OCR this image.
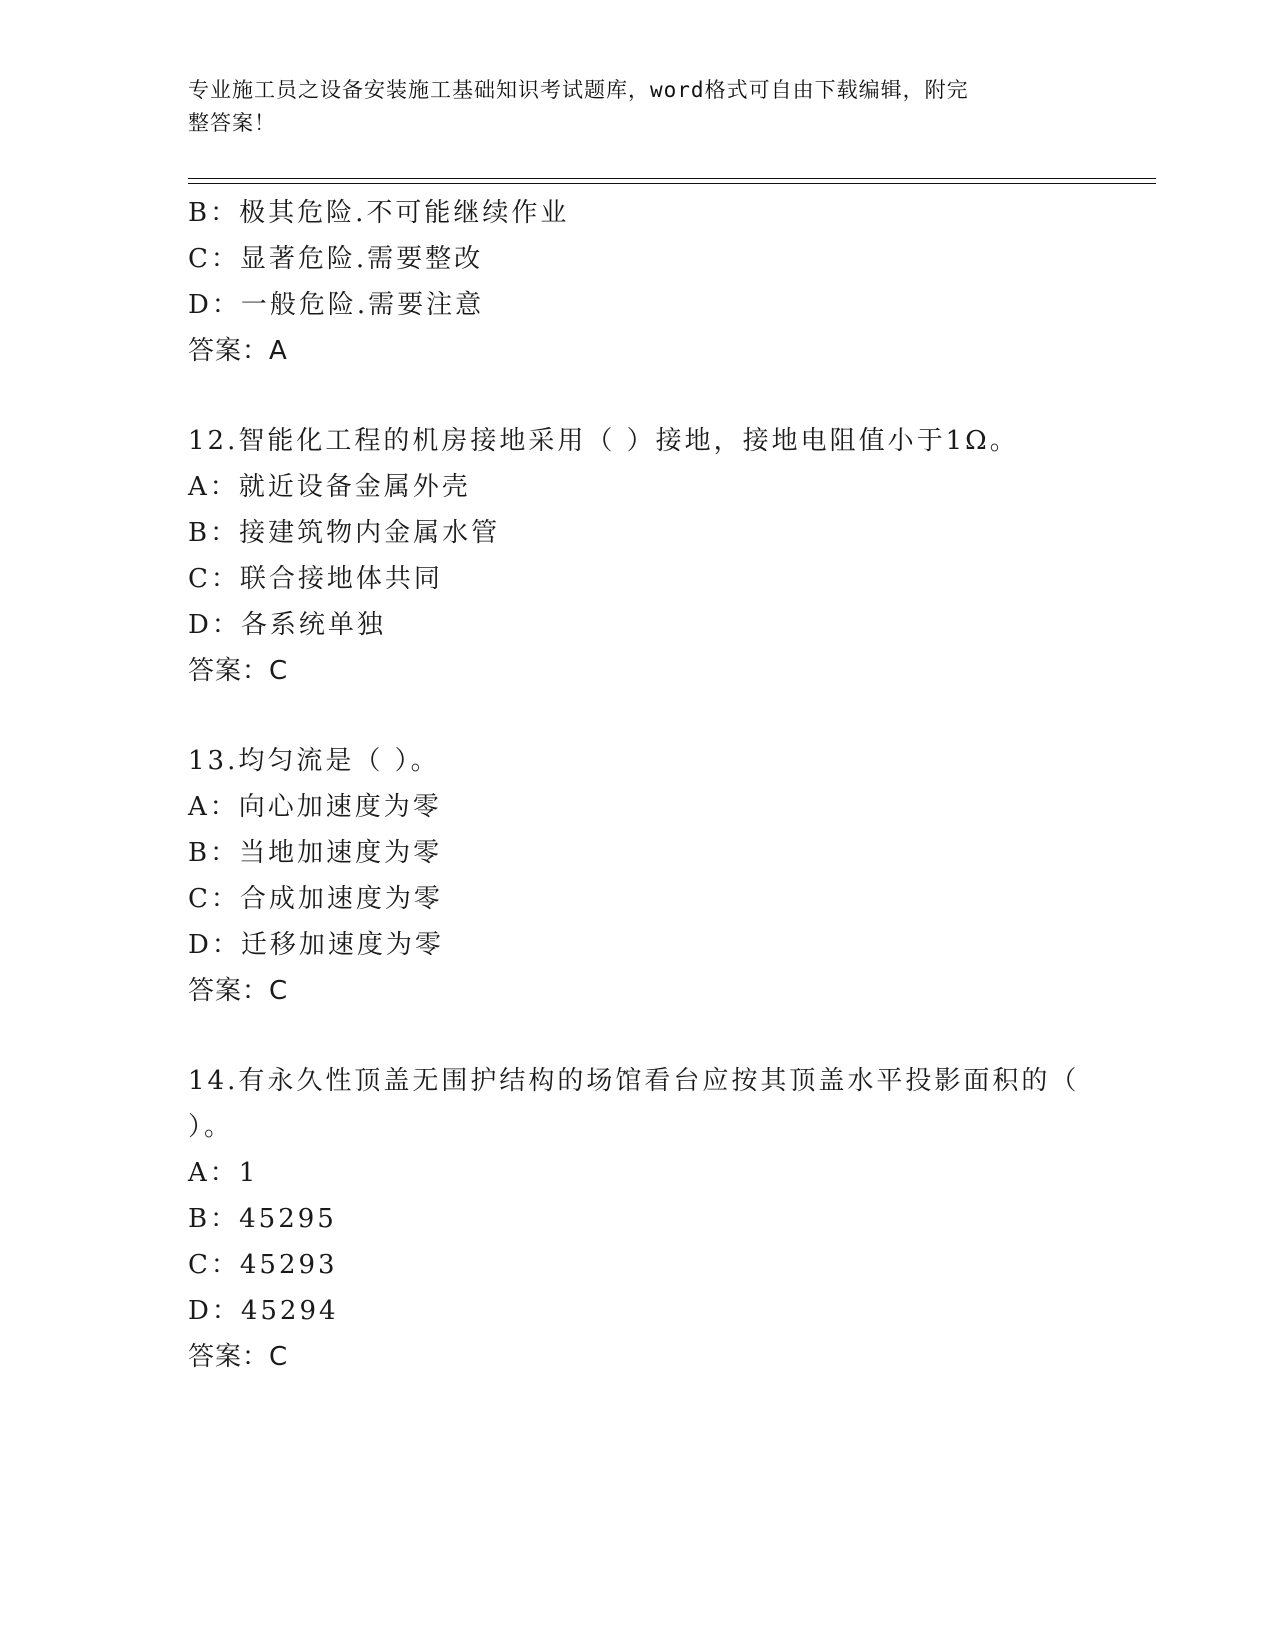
专业施工员之设备安装施工基础知识考试题库，word格式可自由下载编辑，附完
整答案！
B：极其危险.不可能继续作业
C：显著危险.需要整改
D：一般危险.需要注意
答案：A
12.智能化工程的机房接地采用（ ）接地，接地电阻值小于1Ω。
A：就近设备金属外壳
B：接建筑物内金属水管
C：联合接地体共同
D：各系统单独
答案：C
13.均匀流是（ ）。
A：向心加速度为零
B：当地加速度为零
C：合成加速度为零
D：迁移加速度为零
答案：C
14.有永久性顶盖无围护结构的场馆看台应按其顶盖水平投影面积的（
）。
A：1
B：45295
C：45293
D：45294
答案：C
